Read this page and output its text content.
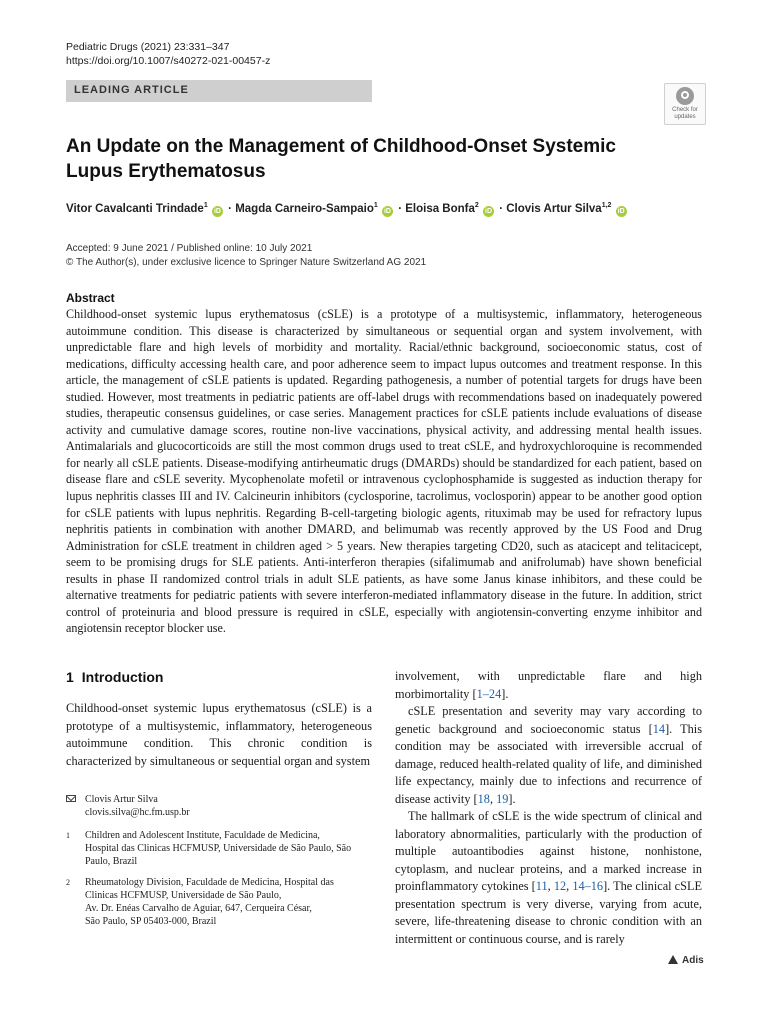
Pediatric Drugs (2021) 23:331–347
https://doi.org/10.1007/s40272-021-00457-z
LEADING ARTICLE
Check for
updates
An Update on the Management of Childhood-Onset Systemic Lupus Erythematosus
Vitor Cavalcanti Trindade$^1$ iD · Magda Carneiro-Sampaio$^1$ iD · Eloisa Bonfa$^2$ iD · Clovis Artur Silva$^{1,2}$ iD
Accepted: 9 June 2021 / Published online: 10 July 2021
© The Author(s), under exclusive licence to Springer Nature Switzerland AG 2021
Abstract
Childhood-onset systemic lupus erythematosus (cSLE) is a prototype of a multisystemic, inflammatory, heterogeneous autoimmune condition. This disease is characterized by simultaneous or sequential organ and system involvement, with unpredictable flare and high levels of morbidity and mortality. Racial/ethnic background, socioeconomic status, cost of medications, difficulty accessing health care, and poor adherence seem to impact lupus outcomes and treatment response. In this article, the management of cSLE patients is updated. Regarding pathogenesis, a number of potential targets for drugs have been studied. However, most treatments in pediatric patients are off-label drugs with recommendations based on inadequately powered studies, therapeutic consensus guidelines, or case series. Management practices for cSLE patients include evaluations of disease activity and cumulative damage scores, routine non-live vaccinations, physical activity, and addressing mental health issues. Antimalarials and glucocorticoids are still the most common drugs used to treat cSLE, and hydroxychloroquine is recommended for nearly all cSLE patients. Disease-modifying antirheumatic drugs (DMARDs) should be standardized for each patient, based on disease flare and cSLE severity. Mycophenolate mofetil or intravenous cyclophosphamide is suggested as induction therapy for lupus nephritis classes III and IV. Calcineurin inhibitors (cyclosporine, tacrolimus, voclosporin) appear to be another good option for cSLE patients with lupus nephritis. Regarding B-cell-targeting biologic agents, rituximab may be used for refractory lupus nephritis patients in combination with another DMARD, and belimumab was recently approved by the US Food and Drug Administration for cSLE treatment in children aged > 5 years. New therapies targeting CD20, such as atacicept and telitacicept, seem to be promising drugs for SLE patients. Anti-interferon therapies (sifalimumab and anifrolumab) have shown beneficial results in phase II randomized control trials in adult SLE patients, as have some Janus kinase inhibitors, and these could be alternative treatments for pediatric patients with severe interferon-mediated inflammatory disease in the future. In addition, strict control of proteinuria and blood pressure is required in cSLE, especially with angiotensin-converting enzyme inhibitor and angiotensin receptor blocker use.
1 Introduction

Childhood-onset systemic lupus erythematosus (cSLE) is a prototype of a multisystemic, inflammatory, heterogeneous autoimmune condition. This chronic condition is characterized by simultaneous or sequential organ and system

involvement, with unpredictable flare and high morbimortality [1–24].

cSLE presentation and severity may vary according to genetic background and socioeconomic status [14]. This condition may be associated with irreversible accrual of damage, reduced health-related quality of life, and diminished life expectancy, mainly due to infections and recurrence of disease activity [18, 19].

The hallmark of cSLE is the wide spectrum of clinical and laboratory abnormalities, particularly with the production of multiple autoantibodies against histone, nonhistone, cytoplasm, and nuclear proteins, and a marked increase in proinflammatory cytokines [11, 12, 14–16]. The clinical cSLE presentation spectrum is very diverse, varying from acute, severe, life-threatening disease to chronic condition with an intermittent or continuous course, and is rarely

Clovis Artur Silva
clovis.silva@hc.fm.usp.br
1 Children and Adolescent Institute, Faculdade de Medicina, Hospital das Clinicas HCFMUSP, Universidade de São Paulo, São Paulo, Brazil
2 Rheumatology Division, Faculdade de Medicina, Hospital das Clinicas HCFMUSP, Universidade de São Paulo,
Av. Dr. Enéas Carvalho de Aguiar, 647, Cerqueira César,
São Paulo, SP 05403-000, Brazil
Adis
